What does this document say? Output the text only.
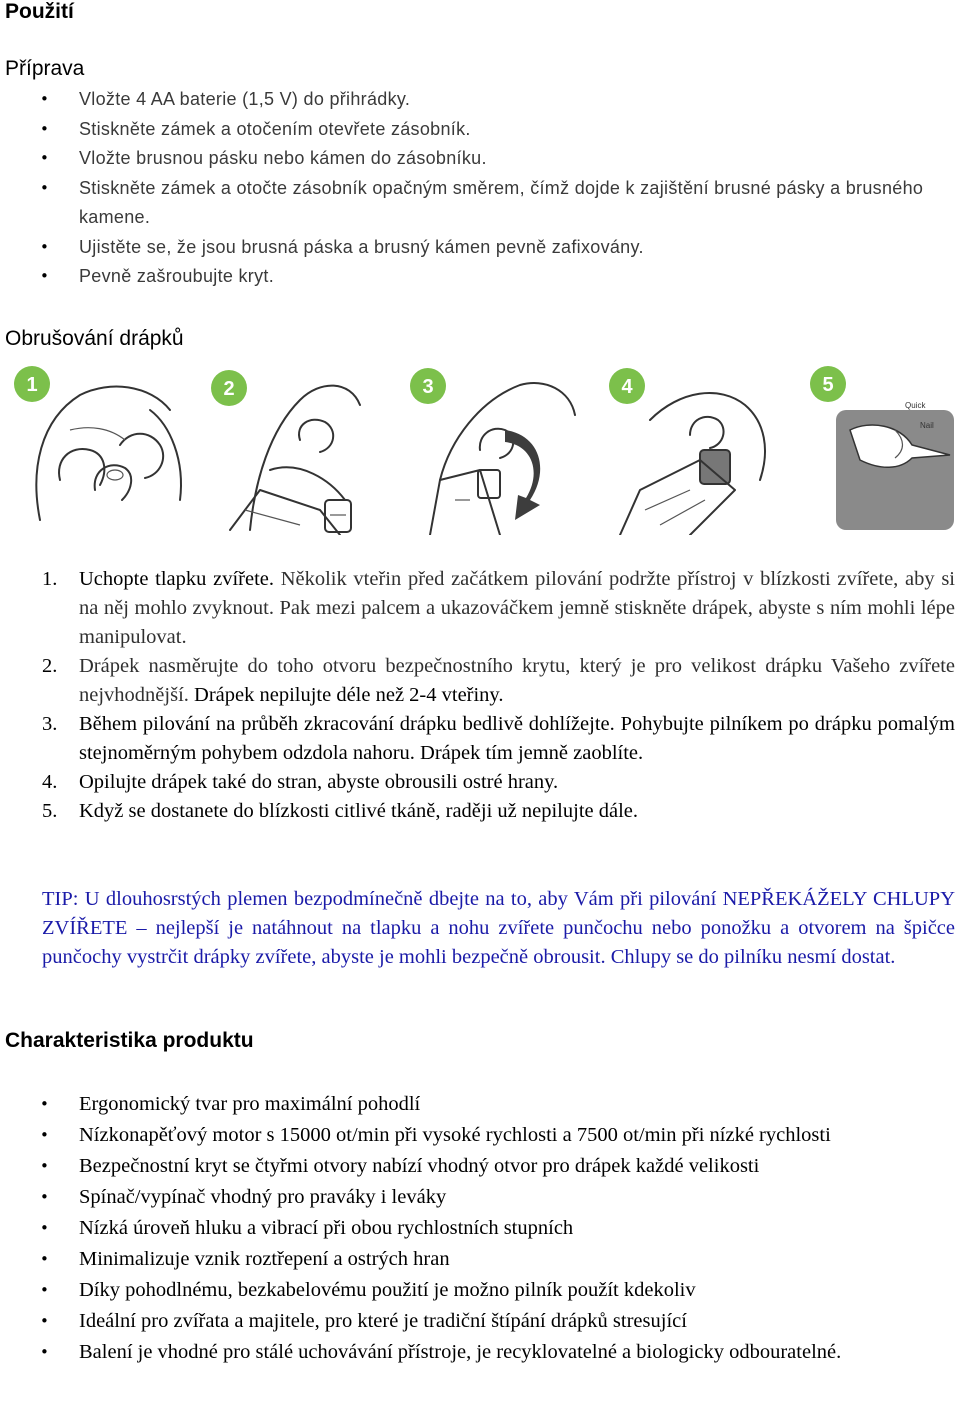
Použití
Příprava
• Vložte 4 AA baterie (1,5 V) do přihrádky.
• Stiskněte zámek a otočením otevřete zásobník.
• Vložte brusnou pásku nebo kámen do zásobníku.
• Stiskněte zámek a otočte zásobník opačným směrem, čímž dojde k zajištění brusné pásky a brusného kamene.
• Ujistěte se, že jsou brusná páska a brusný kámen pevně zafixovány.
• Pevně zašroubujte kryt.
Obrušování drápků
1	2	3	4
Quick
Nail
5
1. Uchopte tlapku zvířete. Několik vteřin před začátkem pilování podržte přístroj v blízkosti zvířete, aby si na něj mohlo zvyknout. Pak mezi palcem a ukazováčkem jemně stiskněte drápek, abyste s ním mohli lépe manipulovat.
2. Drápek nasměrujte do toho otvoru bezpečnostního krytu, který je pro velikost drápku Vašeho zvířete nejvhodnější. Drápek nepilujte déle než 2-4 vteřiny.
3. Během pilování na průběh zkracování drápku bedlivě dohlížejte. Pohybujte pilníkem po drápku pomalým stejnoměrným pohybem odzdola nahoru. Drápek tím jemně zaoblíte.
4. Opilujte drápek také do stran, abyste obrousili ostré hrany.
5. Když se dostanete do blízkosti citlivé tkáně, raději už nepilujte dále.

TIP: U dlouhosrstých plemen bezpodmínečně dbejte na to, aby Vám při pilování NEPŘEKÁŽELY CHLUPY ZVÍŘETE – nejlepší je natáhnout na tlapku a nohu zvířete punčochu nebo ponožku a otvorem na špičce punčochy vystrčit drápky zvířete, abyste je mohli bezpečně obrousit. Chlupy se do pilníku nesmí dostat.

Charakteristika produktu
• Ergonomický tvar pro maximální pohodlí
• Nízkonapěťový motor s 15000 ot/min při vysoké rychlosti a 7500 ot/min při nízké rychlosti
• Bezpečnostní kryt se čtyřmi otvory nabízí vhodný otvor pro drápek každé velikosti
• Spínač/vypínač vhodný pro praváky i leváky
• Nízká úroveň hluku a vibrací při obou rychlostních stupních
• Minimalizuje vznik roztřepení a ostrých hran
• Díky pohodlnému, bezkabelovému použití je možno pilník použít kdekoliv
• Ideální pro zvířata a majitele, pro které je tradiční štípání drápků stresující
• Balení je vhodné pro stálé uchovávání přístroje, je recyklovatelné a biologicky odbouratelné.
